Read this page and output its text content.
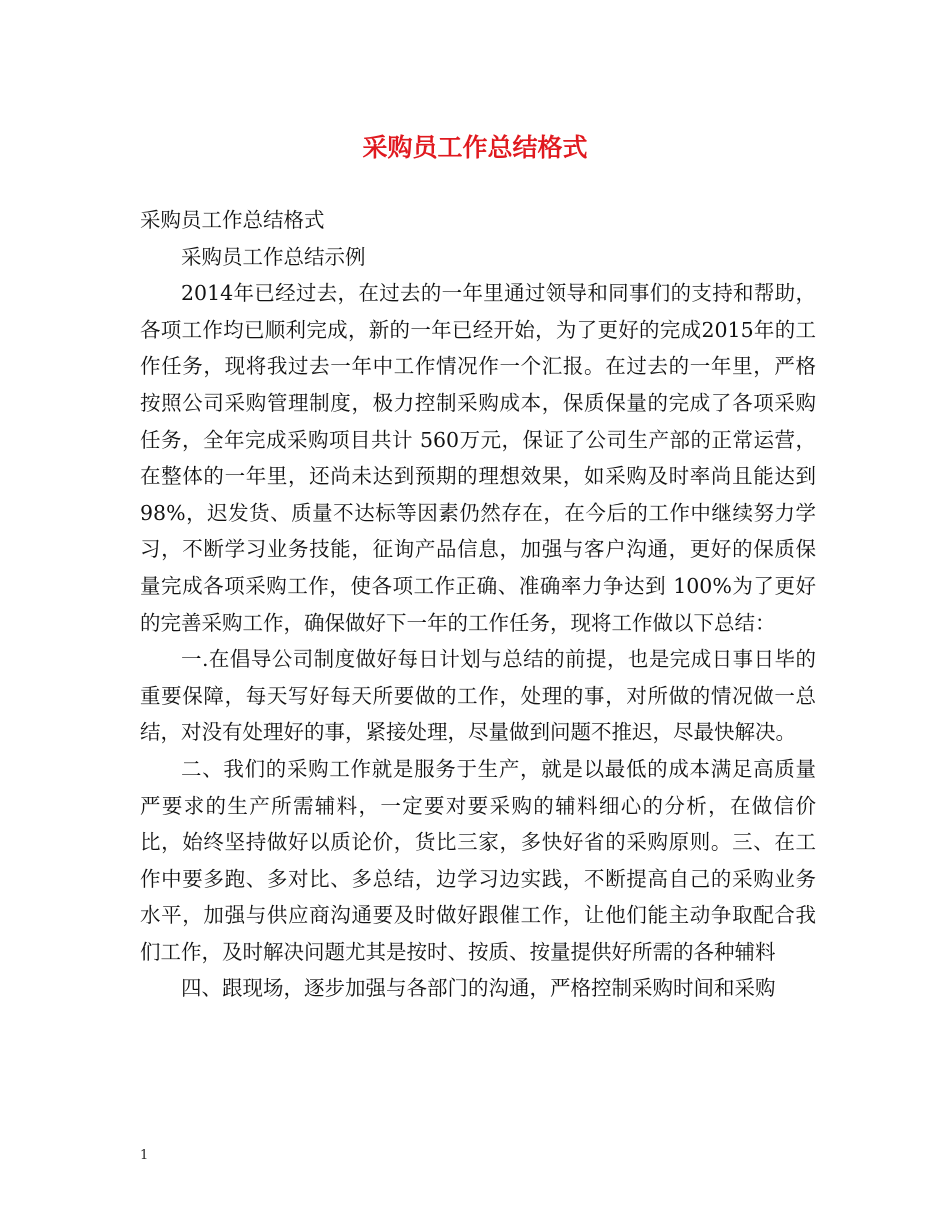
采购员工作总结格式

采购员工作总结格式

采购员工作总结示例

2014年已经过去，在过去的一年里通过领导和同事们的支持和帮助，各项工作均已顺利完成，新的一年已经开始，为了更好的完成2015年的工作任务，现将我过去一年中工作情况作一个汇报。在过去的一年里，严格按照公司采购管理制度，极力控制采购成本，保质保量的完成了各项采购任务，全年完成采购项目共计 560万元，保证了公司生产部的正常运营，在整体的一年里，还尚未达到预期的理想效果，如采购及时率尚且能达到98%，迟发货、质量不达标等因素仍然存在，在今后的工作中继续努力学习，不断学习业务技能，征询产品信息，加强与客户沟通，更好的保质保量完成各项采购工作，使各项工作正确、准确率力争达到 100%为了更好的完善采购工作，确保做好下一年的工作任务，现将工作做以下总结：

一.在倡导公司制度做好每日计划与总结的前提，也是完成日事日毕的重要保障，每天写好每天所要做的工作，处理的事，对所做的情况做一总结，对没有处理好的事，紧接处理，尽量做到问题不推迟，尽最快解决。

二、我们的采购工作就是服务于生产，就是以最低的成本满足高质量严要求的生产所需辅料，一定要对要采购的辅料细心的分析，在做信价比，始终坚持做好以质论价，货比三家，多快好省的采购原则。三、在工作中要多跑、多对比、多总结，边学习边实践，不断提高自己的采购业务水平，加强与供应商沟通要及时做好跟催工作，让他们能主动争取配合我们工作，及时解决问题尤其是按时、按质、按量提供好所需的各种辅料

四、跟现场，逐步加强与各部门的沟通，严格控制采购时间和采购

1
